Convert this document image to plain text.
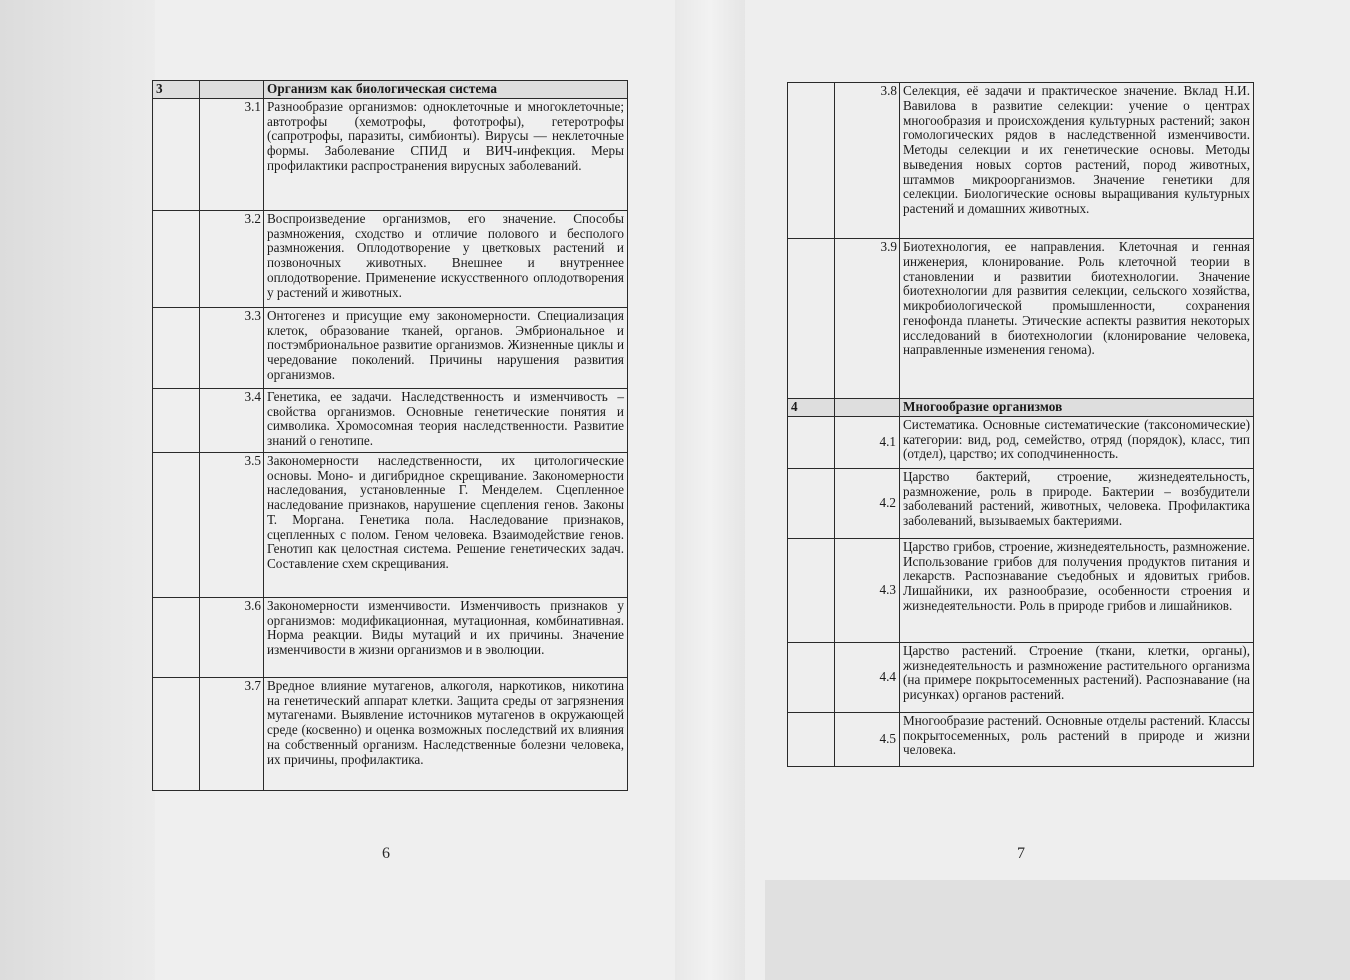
3		Организм как биологическая система
	3.1	Разнообразие организмов: одноклеточные и многоклеточные; автотрофы (хемотрофы, фототрофы), гетеротрофы (сапротрофы, паразиты, симбионты). Вирусы — неклеточные формы. Заболевание СПИД и ВИЧ-инфекция. Меры профилактики распространения вирусных заболеваний.
	3.2	Воспроизведение организмов, его значение. Способы размножения, сходство и отличие полового и бесполого размножения. Оплодотворение у цветковых растений и позвоночных животных. Внешнее и внутреннее оплодотворение. Применение искусственного оплодотворения у растений и животных.
	3.3	Онтогенез и присущие ему закономерности. Специализация клеток, образование тканей, органов. Эмбриональное и постэмбриональное развитие организмов. Жизненные циклы и чередование поколений. Причины нарушения развития организмов.
	3.4	Генетика, ее задачи. Наследственность и изменчивость – свойства организмов. Основные генетические понятия и символика. Хромосомная теория наследственности. Развитие знаний о генотипе.
	3.5	Закономерности наследственности, их цитологические основы. Моно- и дигибридное скрещивание. Закономерности наследования, установленные Г. Менделем. Сцепленное наследование признаков, нарушение сцепления генов. Законы Т. Моргана. Генетика пола. Наследование признаков, сцепленных с полом. Геном человека. Взаимодействие генов. Генотип как целостная система. Решение генетических задач. Составление схем скрещивания.
	3.6	Закономерности изменчивости. Изменчивость признаков у организмов: модификационная, мутационная, комбинативная. Норма реакции. Виды мутаций и их причины. Значение изменчивости в жизни организмов и в эволюции.
	3.7	Вредное влияние мутагенов, алкоголя, наркотиков, никотина на генетический аппарат клетки. Защита среды от загрязнения мутагенами. Выявление источников мутагенов в окружающей среде (косвенно) и оценка возможных последствий их влияния на собственный организм. Наследственные болезни человека, их причины, профилактика.
6
	3.8	Селекция, её задачи и практическое значение. Вклад Н.И. Вавилова в развитие селекции: учение о центрах многообразия и происхождения культурных растений; закон гомологических рядов в наследственной изменчивости. Методы селекции и их генетические основы. Методы выведения новых сортов растений, пород животных, штаммов микроорганизмов. Значение генетики для селекции. Биологические основы выращивания культурных растений и домашних животных.
	3.9	Биотехнология, ее направления. Клеточная и генная инженерия, клонирование. Роль клеточной теории в становлении и развитии биотехнологии. Значение биотехнологии для развития селекции, сельского хозяйства, микробиологической промышленности, сохранения генофонда планеты. Этические аспекты развития некоторых исследований в биотехнологии (клонирование человека, направленные изменения генома).
4		Многообразие организмов
	4.1	Систематика. Основные систематические (таксономические) категории: вид, род, семейство, отряд (порядок), класс, тип (отдел), царство; их соподчиненность.
	4.2	Царство бактерий, строение, жизнедеятельность, размножение, роль в природе. Бактерии – возбудители заболеваний растений, животных, человека. Профилактика заболеваний, вызываемых бактериями.
	4.3	Царство грибов, строение, жизнедеятельность, размножение. Использование грибов для получения продуктов питания и лекарств. Распознавание съедобных и ядовитых грибов. Лишайники, их разнообразие, особенности строения и жизнедеятельности. Роль в природе грибов и лишайников.
	4.4	Царство растений. Строение (ткани, клетки, органы), жизнедеятельность и размножение растительного организма (на примере покрытосеменных растений). Распознавание (на рисунках) органов растений.
	4.5	Многообразие растений. Основные отделы растений. Классы покрытосеменных, роль растений в природе и жизни человека.
7
